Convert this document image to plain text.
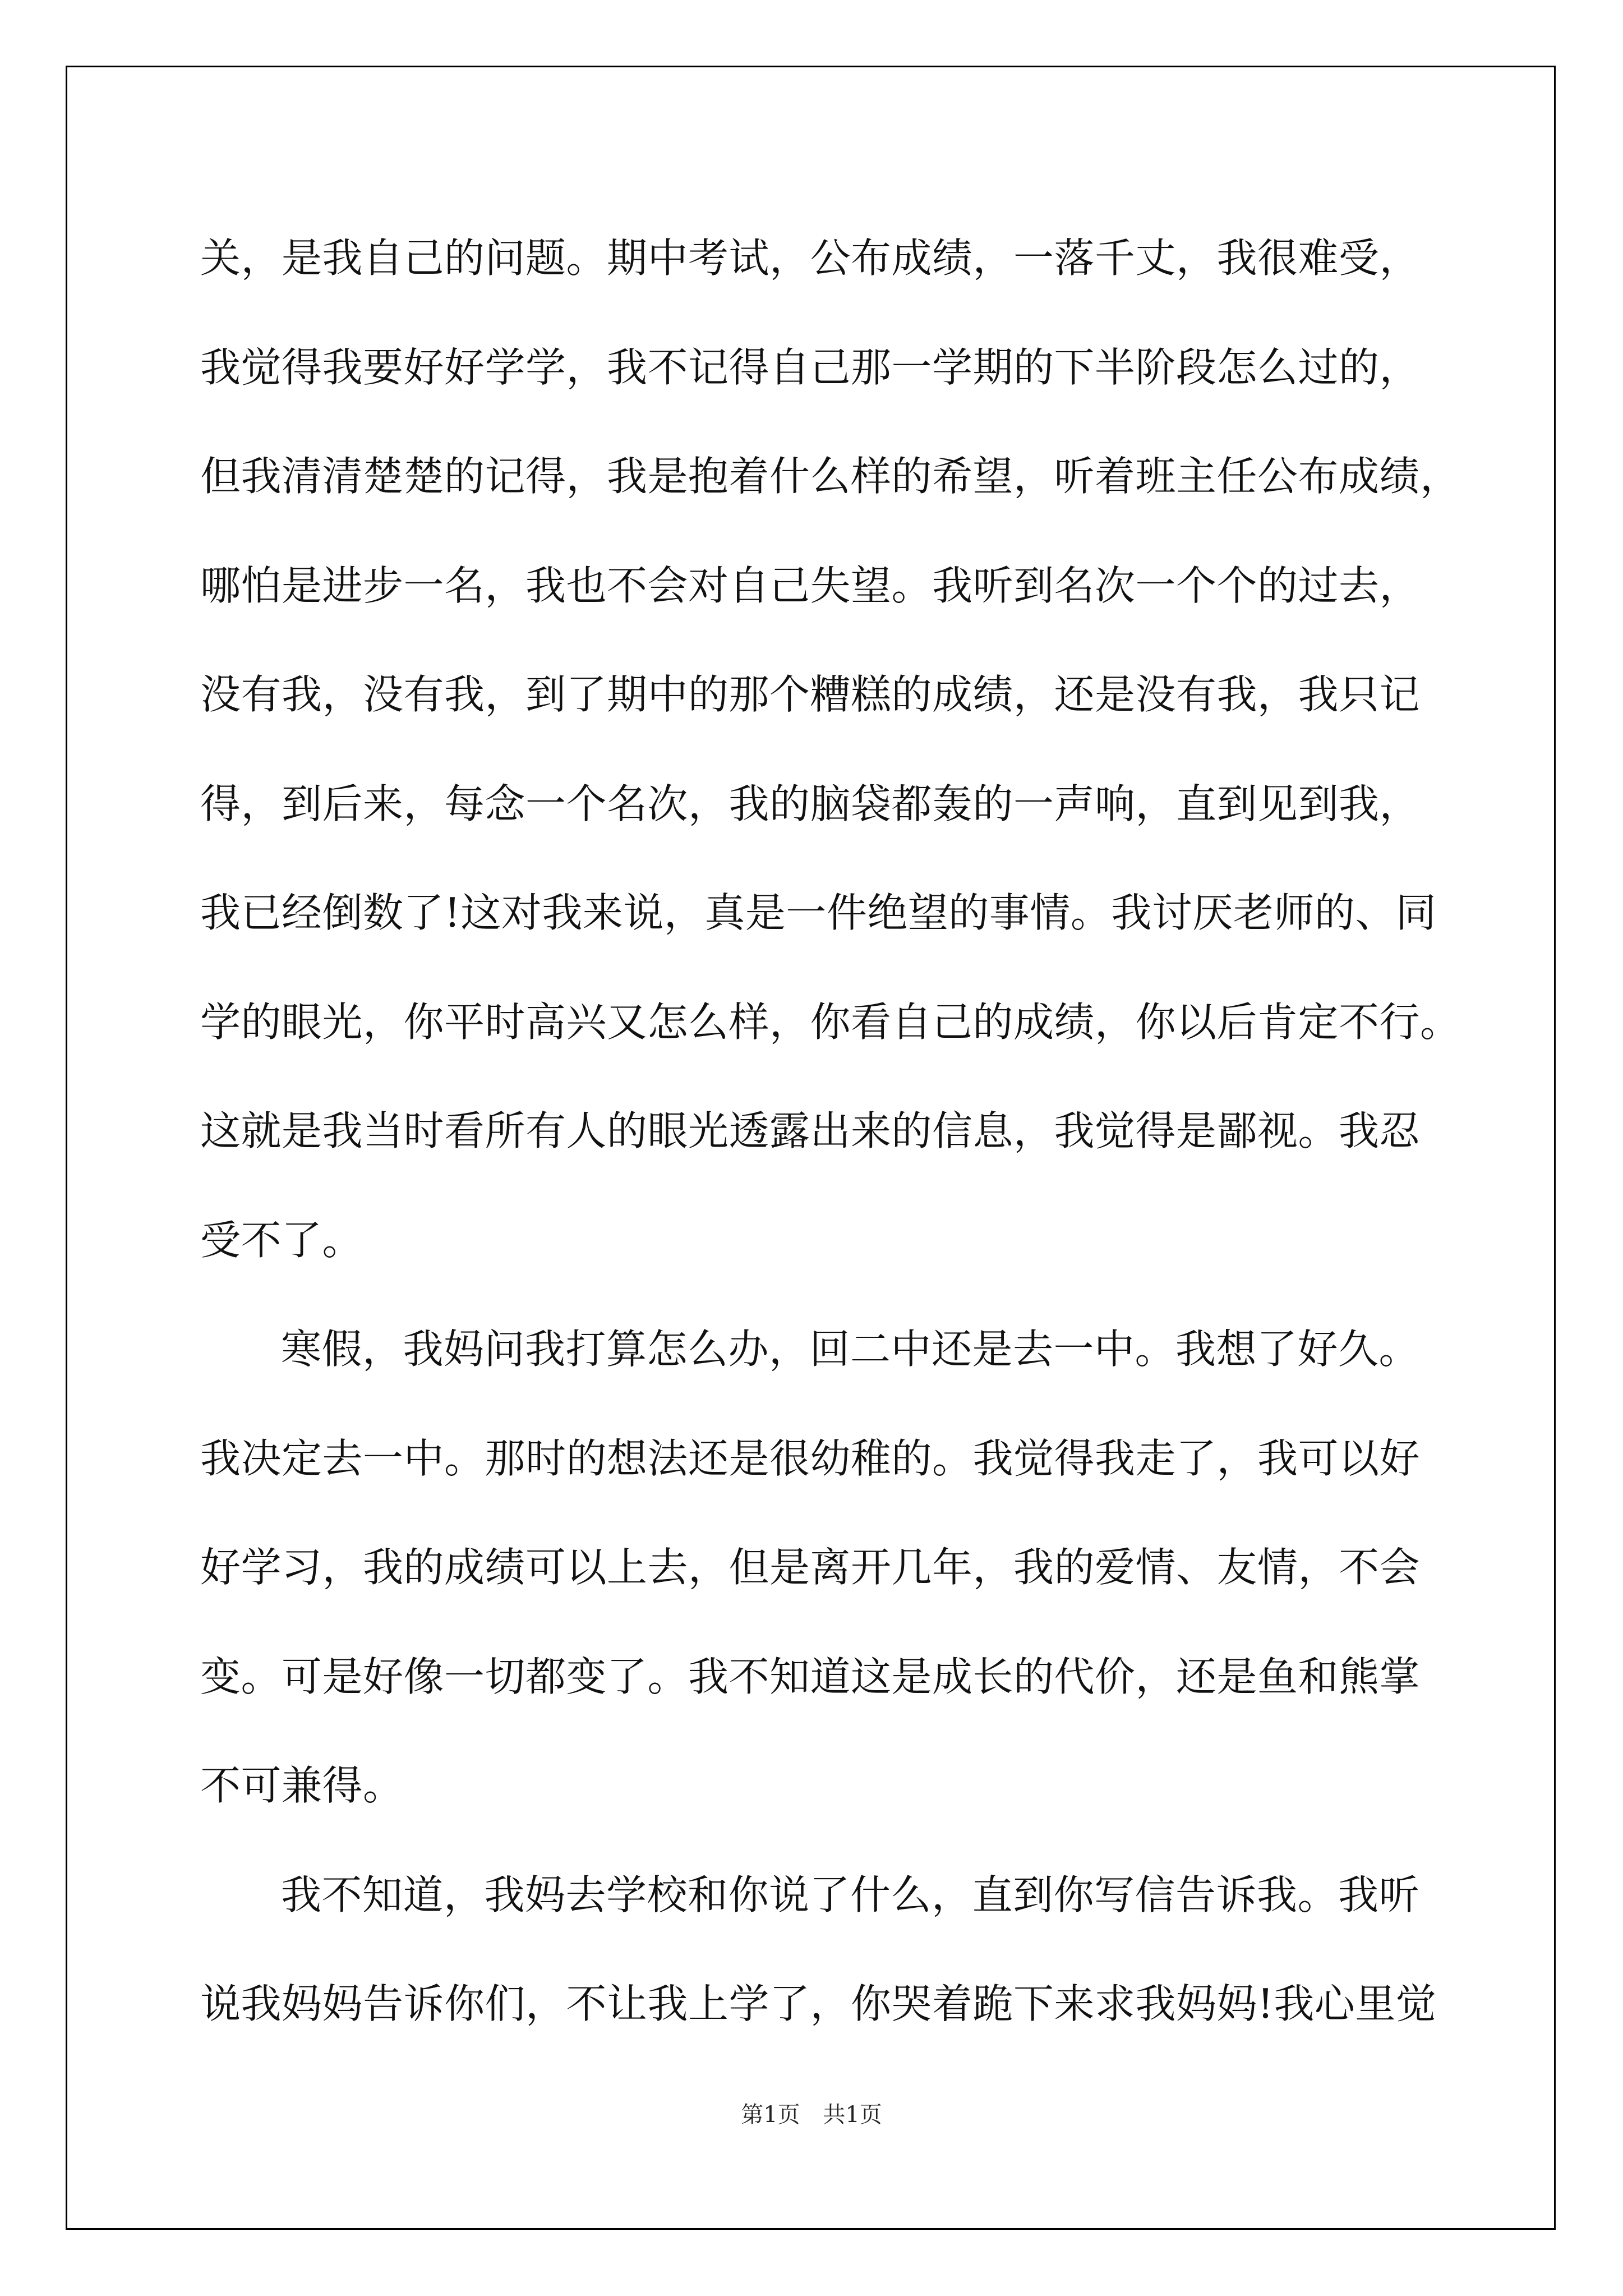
关，是我自己的问题。期中考试，公布成绩，一落千丈，我很难受，
我觉得我要好好学学，我不记得自己那一学期的下半阶段怎么过的，
但我清清楚楚的记得，我是抱着什么样的希望，听着班主任公布成绩，
哪怕是进步一名，我也不会对自己失望。我听到名次一个个的过去，
没有我，没有我，到了期中的那个糟糕的成绩，还是没有我，我只记
得，到后来，每念一个名次，我的脑袋都轰的一声响，直到见到我，
我已经倒数了!这对我来说，真是一件绝望的事情。我讨厌老师的、同
学的眼光，你平时高兴又怎么样，你看自己的成绩，你以后肯定不行。
这就是我当时看所有人的眼光透露出来的信息，我觉得是鄙视。我忍
受不了。
寒假，我妈问我打算怎么办，回二中还是去一中。我想了好久。
我决定去一中。那时的想法还是很幼稚的。我觉得我走了，我可以好
好学习，我的成绩可以上去，但是离开几年，我的爱情、友情，不会
变。可是好像一切都变了。我不知道这是成长的代价，还是鱼和熊掌
不可兼得。
我不知道，我妈去学校和你说了什么，直到你写信告诉我。我听
说我妈妈告诉你们，不让我上学了，你哭着跪下来求我妈妈!我心里觉
第1页 共1页
